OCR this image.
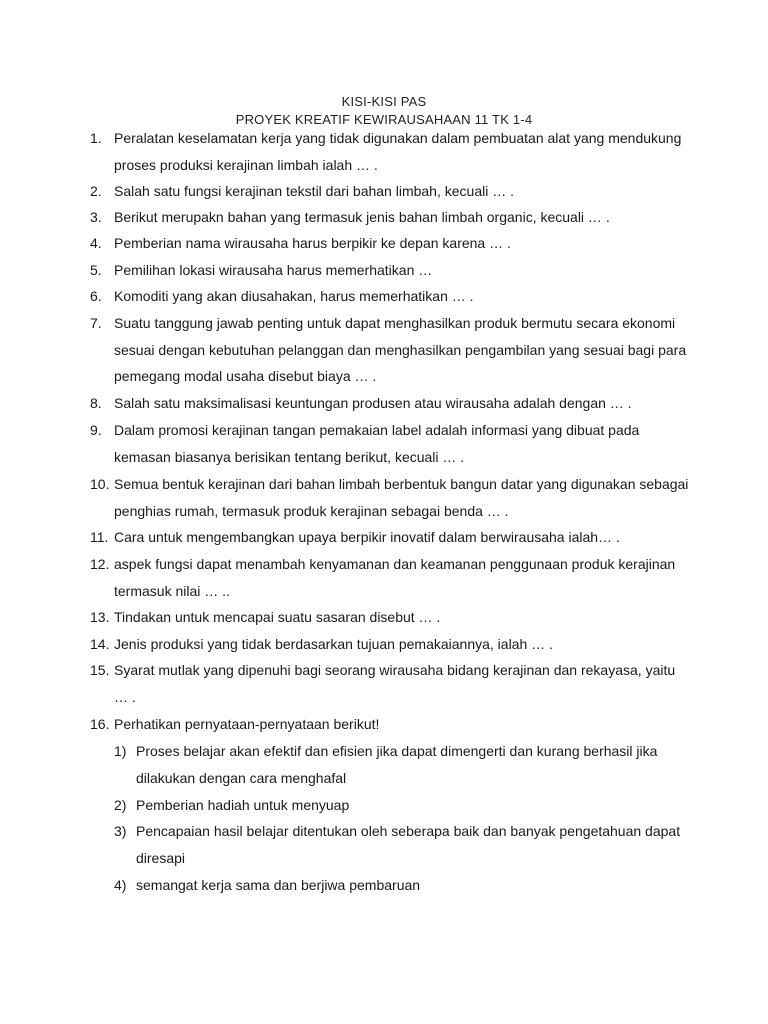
KISI-KISI PAS
PROYEK KREATIF KEWIRAUSAHAAN 11 TK 1-4
1. Peralatan keselamatan kerja yang tidak digunakan dalam pembuatan alat yang mendukung proses produksi kerajinan limbah ialah … .
2. Salah satu fungsi kerajinan tekstil dari bahan limbah, kecuali … .
3. Berikut merupakn bahan yang termasuk jenis bahan limbah organic, kecuali … .
4. Pemberian nama wirausaha harus berpikir ke depan karena … .
5. Pemilihan lokasi wirausaha harus memerhatikan …
6. Komoditi yang akan diusahakan, harus memerhatikan … .
7. Suatu tanggung jawab penting untuk dapat menghasilkan produk bermutu secara ekonomi sesuai dengan kebutuhan pelanggan dan menghasilkan pengambilan yang sesuai bagi para pemegang modal usaha disebut biaya … .
8. Salah satu maksimalisasi keuntungan produsen atau wirausaha adalah dengan … .
9. Dalam promosi kerajinan tangan pemakaian label adalah informasi yang dibuat pada kemasan biasanya berisikan tentang berikut, kecuali … .
10. Semua bentuk kerajinan dari bahan limbah berbentuk bangun datar yang digunakan sebagai penghias rumah, termasuk produk kerajinan sebagai benda … .
11. Cara untuk mengembangkan upaya berpikir inovatif dalam berwirausaha ialah… .
12. aspek fungsi dapat menambah kenyamanan dan keamanan penggunaan produk kerajinan termasuk nilai … ..
13. Tindakan untuk mencapai suatu sasaran disebut … .
14. Jenis produksi yang tidak berdasarkan tujuan pemakaiannya, ialah … .
15. Syarat mutlak yang dipenuhi bagi seorang wirausaha bidang kerajinan dan rekayasa, yaitu … .
16. Perhatikan pernyataan-pernyataan berikut!
1) Proses belajar akan efektif dan efisien jika dapat dimengerti dan kurang berhasil jika dilakukan dengan cara menghafal
2) Pemberian hadiah untuk menyuap
3) Pencapaian hasil belajar ditentukan oleh seberapa baik dan banyak pengetahuan dapat diresapi
4) semangat kerja sama dan berjiwa pembaruan
